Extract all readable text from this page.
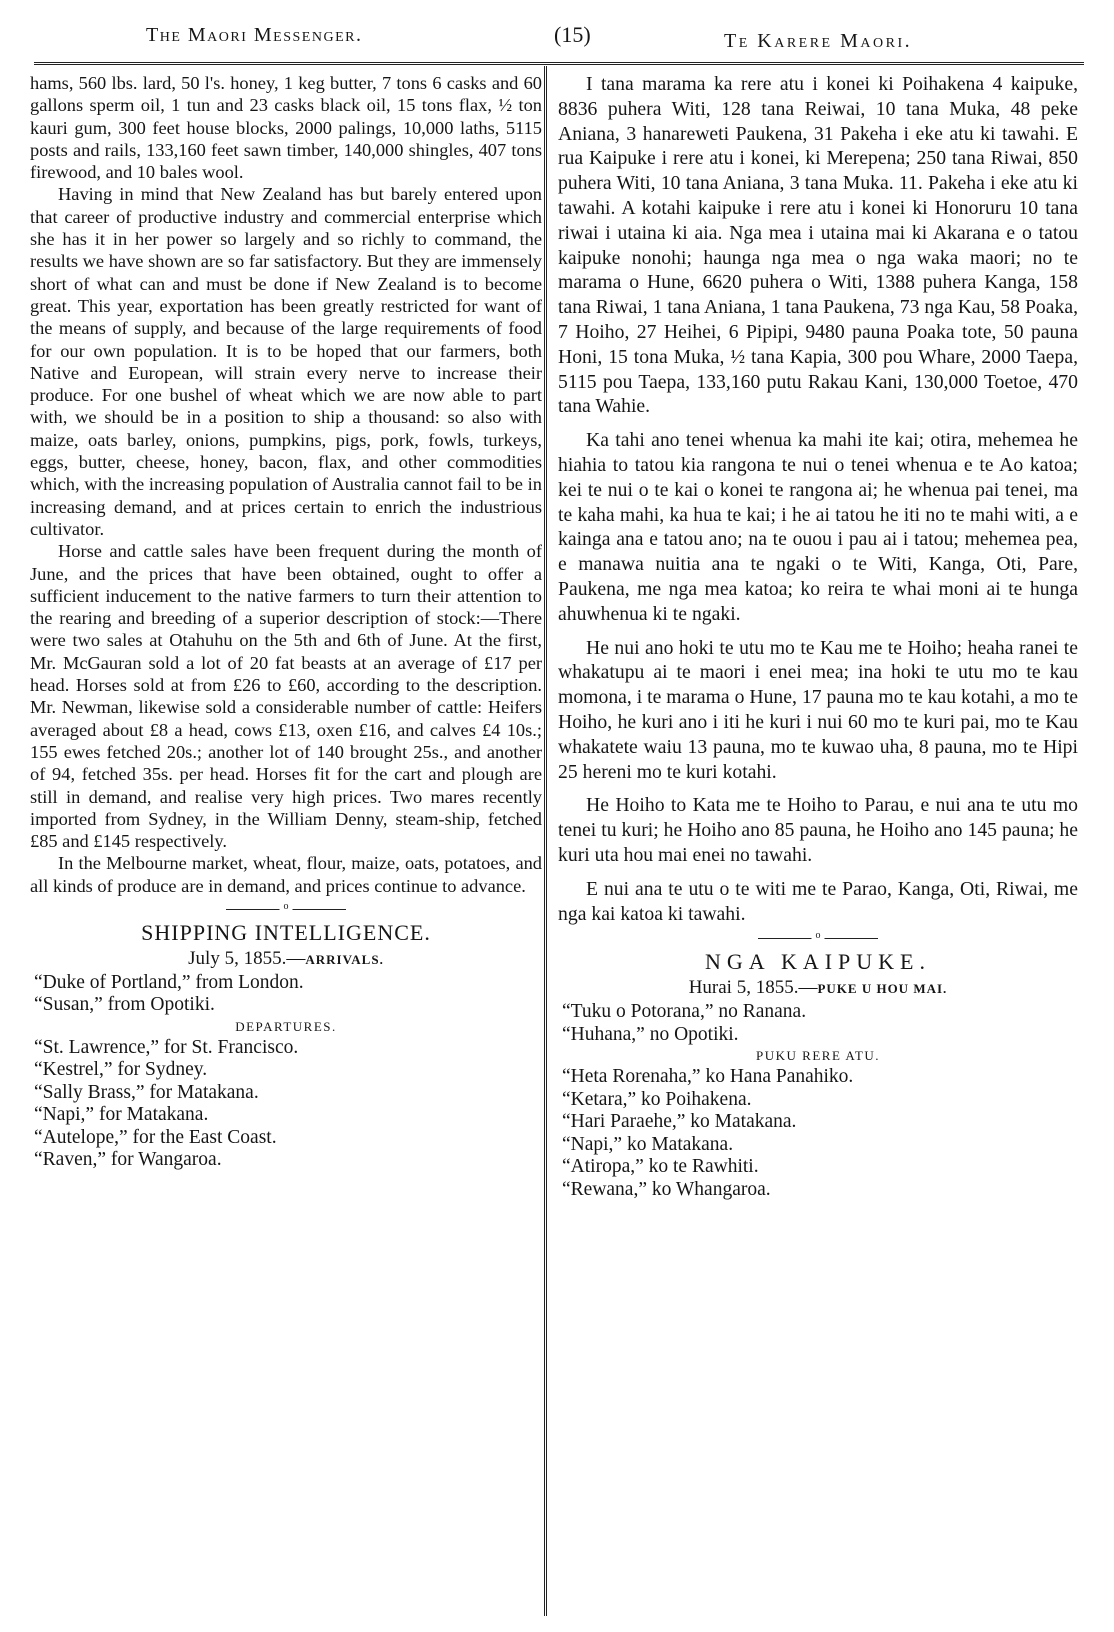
The Maori Messenger.	(15)	Te Karere Maori.

hams, 560 lbs. lard, 50 l's. honey, 1 keg butter, 7 tons 6 casks and 60 gallons sperm oil, 1 tun and 23 casks black oil, 15 tons flax, ½ ton kauri gum, 300 feet house blocks, 2000 palings, 10,000 laths, 5115 posts and rails, 133,160 feet sawn timber, 140,000 shingles, 407 tons firewood, and 10 bales wool.

Having in mind that New Zealand has but barely entered upon that career of productive industry and commercial enterprise which she has it in her power so largely and so richly to command, the results we have shown are so far satisfactory. But they are immensely short of what can and must be done if New Zealand is to become great. This year, exportation has been greatly restricted for want of the means of supply, and because of the large requirements of food for our own population. It is to be hoped that our farmers, both Native and European, will strain every nerve to increase their produce. For one bushel of wheat which we are now able to part with, we should be in a position to ship a thousand: so also with maize, oats barley, onions, pumpkins, pigs, pork, fowls, turkeys, eggs, butter, cheese, honey, bacon, flax, and other commodities which, with the increasing population of Australia cannot fail to be in increasing demand, and at prices certain to enrich the industrious cultivator.

Horse and cattle sales have been frequent during the month of June, and the prices that have been obtained, ought to offer a sufficient inducement to the native farmers to turn their attention to the rearing and breeding of a superior description of stock:—There were two sales at Otahuhu on the 5th and 6th of June. At the first, Mr. McGauran sold a lot of 20 fat beasts at an average of £17 per head. Horses sold at from £26 to £60, according to the description. Mr. Newman, likewise sold a considerable number of cattle: Heifers averaged about £8 a head, cows £13, oxen £16, and calves £4 10s.; 155 ewes fetched 20s.; another lot of 140 brought 25s., and another of 94, fetched 35s. per head. Horses fit for the cart and plough are still in demand, and realise very high prices. Two mares recently imported from Sydney, in the William Denny, steam-ship, fetched £85 and £145 respectively.

In the Melbourne market, wheat, flour, maize, oats, potatoes, and all kinds of produce are in demand, and prices continue to advance.

o
SHIPPING INTELLIGENCE.
July 5, 1855.—ARRIVALS.
“Duke of Portland,” from London.
“Susan,” from Opotiki.
DEPARTURES.
“St. Lawrence,” for St. Francisco.
“Kestrel,” for Sydney.
“Sally Brass,” for Matakana.
“Napi,” for Matakana.
“Autelope,” for the East Coast.
“Raven,” for Wangaroa.

I tana marama ka rere atu i konei ki Poihakena 4 kaipuke, 8836 puhera Witi, 128 tana Reiwai, 10 tana Muka, 48 peke Aniana, 3 hanareweti Paukena, 31 Pakeha i eke atu ki tawahi. E rua Kaipuke i rere atu i konei, ki Merepena; 250 tana Riwai, 850 puhera Witi, 10 tana Aniana, 3 tana Muka. 11. Pakeha i eke atu ki tawahi. A kotahi kaipuke i rere atu i konei ki Honoruru 10 tana riwai i utaina ki aia. Nga mea i utaina mai ki Akarana e o tatou kaipuke nonohi; haunga nga mea o nga waka maori; no te marama o Hune, 6620 puhera o Witi, 1388 puhera Kanga, 158 tana Riwai, 1 tana Aniana, 1 tana Paukena, 73 nga Kau, 58 Poaka, 7 Hoiho, 27 Heihei, 6 Pipipi, 9480 pauna Poaka tote, 50 pauna Honi, 15 tona Muka, ½ tana Kapia, 300 pou Whare, 2000 Taepa, 5115 pou Taepa, 133,160 putu Rakau Kani, 130,000 Toetoe, 470 tana Wahie.

Ka tahi ano tenei whenua ka mahi ite kai; otira, mehemea he hiahia to tatou kia rangona te nui o tenei whenua e te Ao katoa; kei te nui o te kai o konei te rangona ai; he whenua pai tenei, ma te kaha mahi, ka hua te kai; i he ai tatou he iti no te mahi witi, a e kainga ana e tatou ano; na te ouou i pau ai i tatou; mehemea pea, e manawa nuitia ana te ngaki o te Witi, Kanga, Oti, Pare, Paukena, me nga mea katoa; ko reira te whai moni ai te hunga ahuwhenua ki te ngaki.

He nui ano hoki te utu mo te Kau me te Hoiho; heaha ranei te whakatupu ai te maori i enei mea; ina hoki te utu mo te kau momona, i te marama o Hune, 17 pauna mo te kau kotahi, a mo te Hoiho, he kuri ano i iti he kuri i nui 60 mo te kuri pai, mo te Kau whakatete waiu 13 pauna, mo te kuwao uha, 8 pauna, mo te Hipi 25 hereni mo te kuri kotahi.

He Hoiho to Kata me te Hoiho to Parau, e nui ana te utu mo tenei tu kuri; he Hoiho ano 85 pauna, he Hoiho ano 145 pauna; he kuri uta hou mai enei no tawahi.

E nui ana te utu o te witi me te Parao, Kanga, Oti, Riwai, me nga kai katoa ki tawahi.

o
NGA KAIPUKE.
Hurai 5, 1855.—PUKE U HOU MAI.
“Tuku o Potorana,” no Ranana.
“Huhana,” no Opotiki.
PUKU RERE ATU.
“Heta Rorenaha,” ko Hana Panahiko.
“Ketara,” ko Poihakena.
“Hari Paraehe,” ko Matakana.
“Napi,” ko Matakana.
“Atiropa,” ko te Rawhiti.
“Rewana,” ko Whangaroa.
